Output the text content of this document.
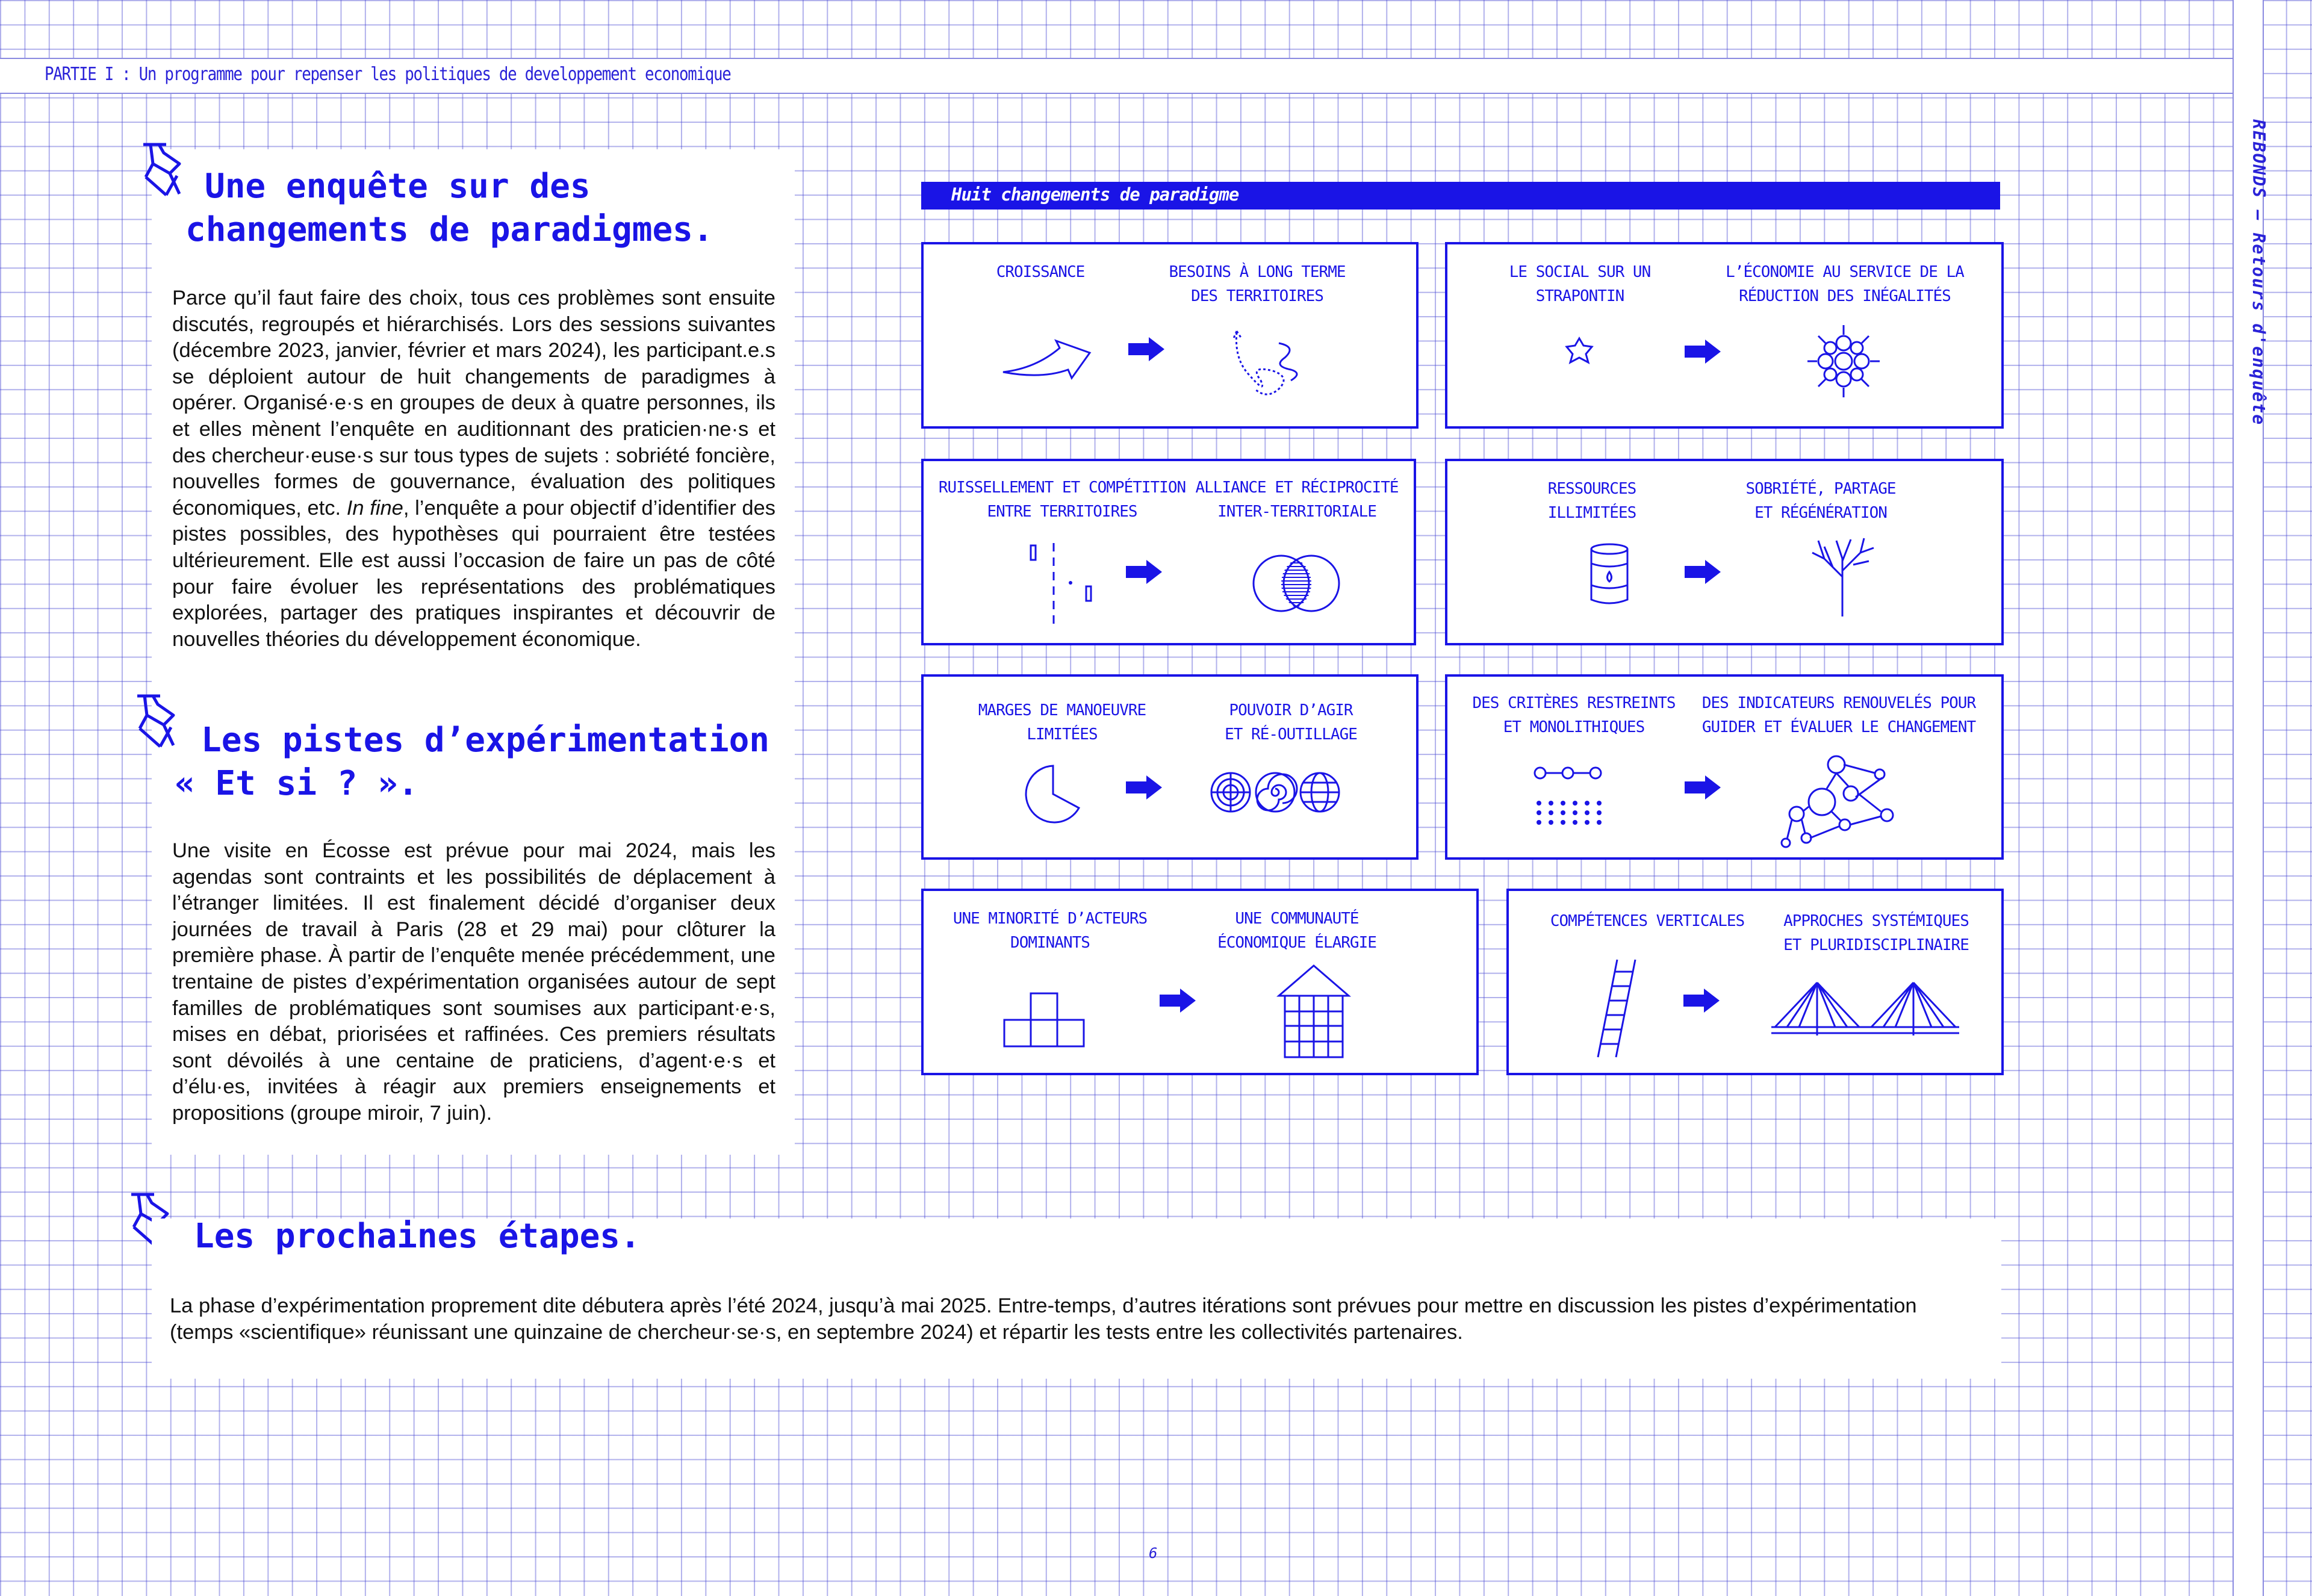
PARTIE I : Un programme pour repenser les politiques de developpement economique
REBONDS – Retours d'enquête
Une enquête sur des
changements de paradigmes.

Parce qu’il faut faire des choix, tous ces problèmes sont ensuite discutés, regroupés et hiérarchisés. Lors des sessions suivantes (décembre 2023, janvier, février et mars 2024), les participant.e.s se déploient autour de huit changements de paradigmes à opérer. Organisé·e·s en groupes de deux à quatre personnes, ils et elles mènent l’enquête en auditionnant des praticien·ne·s et des chercheur·euse·s sur tous types de sujets : sobriété foncière, nouvelles formes de gouvernance, évaluation des politiques économiques, etc. In fine, l’enquête a pour objectif d’identifier des pistes possibles, des hypothèses qui pourraient être testées ultérieurement. Elle est aussi l’occasion de faire un pas de côté pour faire évoluer les représentations des problématiques explorées, partager des pratiques inspirantes et découvrir de nouvelles théories du développement économique.

Les pistes d’expérimentation
« Et si ? ».

Une visite en Écosse est prévue pour mai 2024, mais les agendas sont contraints et les possibilités de déplacement à l’étranger limitées. Il est finalement décidé d’organiser deux journées de travail à Paris (28 et 29 mai) pour clôturer la première phase. À partir de l’enquête menée précédemment, une trentaine de pistes d’expérimentation organisées autour de sept familles de problématiques sont soumises aux participant·e·s, mises en débat, priorisées et raffinées. Ces premiers résultats sont dévoilés à une centaine de praticiens, d’agent·e·s et d’élu·es, invitées à réagir aux premiers enseignements et propositions (groupe miroir, 7 juin).

Les prochaines étapes.

La phase d’expérimentation proprement dite débutera après l’été 2024, jusqu’à mai 2025. Entre-temps, d’autres itérations sont prévues pour mettre en discussion les pistes d’expérimentation (temps «scientifique» réunissant une quinzaine de chercheur·se·s, en septembre 2024) et répartir les tests entre les collectivités partenaires.

Huit changements de paradigme
CROISSANCE	BESOINS À LONG TERME
DES TERRITOIRES
LE SOCIAL SUR UN
STRAPONTIN
L’ÉCONOMIE AU SERVICE DE LA
RÉDUCTION DES INÉGALITÉS
RUISSELLEMENT ET COMPÉTITION
ENTRE TERRITOIRES
ALLIANCE ET RÉCIPROCITÉ
INTER-TERRITORIALE
RESSOURCES
ILLIMITÉES
SOBRIÉTÉ, PARTAGE
ET RÉGÉNÉRATION
MARGES DE MANOEUVRE
LIMITÉES
POUVOIR D’AGIR
ET RÉ-OUTILLAGE
DES CRITÈRES RESTREINTS
ET MONOLITHIQUES
DES INDICATEURS RENOUVELÉS POUR
GUIDER ET ÉVALUER LE CHANGEMENT
UNE MINORITÉ D’ACTEURS
DOMINANTS
UNE COMMUNAUTÉ
ÉCONOMIQUE ÉLARGIE
COMPÉTENCES VERTICALES	APPROCHES SYSTÉMIQUES
ET PLURIDISCIPLINAIRE
6
